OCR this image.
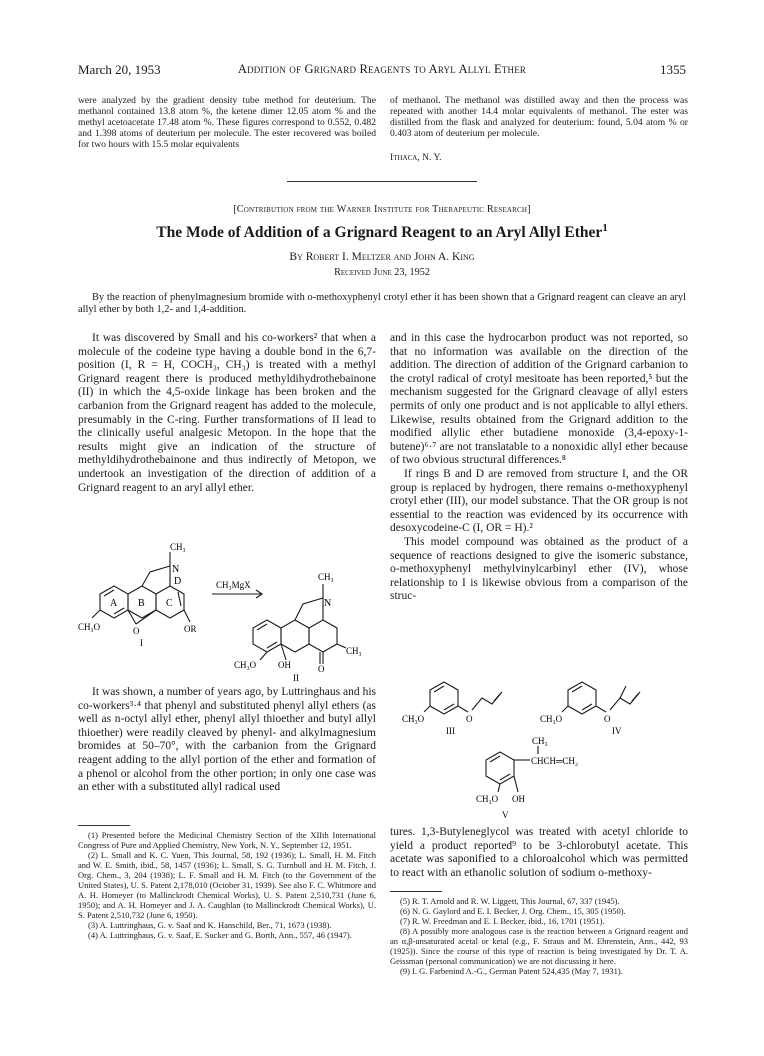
March 20, 1953	Addition of Grignard Reagents to Aryl Allyl Ether	1355
were analyzed by the gradient density tube method for deuterium. The methanol contained 13.8 atom %, the ketene dimer 12.05 atom % and the methyl acetoacetate 17.48 atom %. These figures correspond to 0.552, 0.482 and 1.398 atoms of deuterium per molecule. The ester recovered was boiled for two hours with 15.5 molar equivalents
of methanol. The methanol was distilled away and then the process was repeated with another 14.4 molar equivalents of methanol. The ester was distilled from the flask and analyzed for deuterium: found, 5.04 atom % or 0.403 atom of deuterium per molecule.
Ithaca, N. Y.
[Contribution from the Warner Institute for Therapeutic Research]
The Mode of Addition of a Grignard Reagent to an Aryl Allyl Ether$^1$
By Robert I. Meltzer and John A. King
Received June 23, 1952
By the reaction of phenylmagnesium bromide with o-methoxyphenyl crotyl ether it has been shown that a Grignard reagent can cleave an aryl allyl ether by both 1,2- and 1,4-addition.

It was discovered by Small and his co-workers² that when a molecule of the codeine type having a double bond in the 6,7-position (I, R = H, COCH₃, CH₃) is treated with a methyl Grignard reagent there is produced methyldihydrothebainone (II) in which the 4,5-oxide linkage has been broken and the carbanion from the Grignard reagent has added to the molecule, presumably in the C-ring. Further transformations of II lead to the clinically useful analgesic Metopon. In the hope that the results might give an indication of the structure of methyldihydrothebainone and thus indirectly of Metopon, we undertook an investigation of the direction of addition of a Grignard reagent to an aryl allyl ether.

CH₃
N
A B C
D
CH₃O	O	OR
I
CH₃MgX
CH₃
N
CH₃
CH₃O OH	O
II

It was shown, a number of years ago, by Luttringhaus and his co-workers³·⁴ that phenyl and substituted phenyl allyl ethers (as well as n-octyl allyl ether, phenyl allyl thioether and butyl allyl thioether) were readily cleaved by phenyl- and alkylmagnesium bromides at 50–70°, with the carbanion from the Grignard reagent adding to the allyl portion of the ether and formation of a phenol or alcohol from the other portion; in only one case was an ether with a substituted allyl radical used

(1) Presented before the Medicinal Chemistry Section of the XIIth International Congress of Pure and Applied Chemistry, New York, N. Y., September 12, 1951.

(2) L. Small and K. C. Yuen, This Journal, 58, 192 (1936); L. Small, H. M. Fitch and W. E. Smith, ibid., 58, 1457 (1936); L. Small, S. G. Turnbull and H. M. Fitch, J. Org. Chem., 3, 204 (1938); L. F. Small and H. M. Fitch (to the Government of the United States), U. S. Patent 2,178,010 (October 31, 1939). See also F. C. Whitmore and A. H. Homeyer (to Mallinckrodt Chemical Works), U. S. Patent 2,510,731 (June 6, 1950); and A. H. Homeyer and J. A. Caughlan (to Mallinckrodt Chemical Works), U. S. Patent 2,510,732 (June 6, 1950).

(3) A. Luttringhaus, G. v. Saaf and K. Hanschild, Ber., 71, 1673 (1938).

(4) A. Luttringhaus, G. v. Saaf, E. Sucker and G. Borth, Ann., 557, 46 (1947).

and in this case the hydrocarbon product was not reported, so that no information was available on the direction of the addition. The direction of addition of the Grignard carbanion to the crotyl radical of crotyl mesitoate has been reported,⁵ but the mechanism suggested for the Grignard cleavage of allyl esters permits of only one product and is not applicable to allyl ethers. Likewise, results obtained from the Grignard addition to the modified allylic ether butadiene monoxide (3,4-epoxy-1-butene)⁶·⁷ are not translatable to a nonoxidic allyl ether because of two obvious structural differences.⁸

If rings B and D are removed from structure I, and the OR group is replaced by hydrogen, there remains o-methoxyphenyl crotyl ether (III), our model substance. That the OR group is not essential to the reaction was evidenced by its occurrence with desoxycodeine-C (I, OR = H).²

This model compound was obtained as the product of a sequence of reactions designed to give the isomeric substance, o-methoxyphenyl methylvinylcarbinyl ether (IV), whose relationship to I is likewise obvious from a comparison of the struc-

CH₃O	O
III
CH₃O	O
IV
CH₃
CHCH═CH₂
CH₃O OH
V

tures. 1,3-Butyleneglycol was treated with acetyl chloride to yield a product reported⁹ to be 3-chlorobutyl acetate. This acetate was saponified to a chloroalcohol which was permitted to react with an ethanolic solution of sodium o-methoxy-

(5) R. T. Arnold and R. W. Liggett, This Journal, 67, 337 (1945).

(6) N. G. Gaylord and E. I. Becker, J. Org. Chem., 15, 305 (1950).

(7) R. W. Freedman and E. I. Becker, ibid., 16, 1701 (1951).

(8) A possibly more analogous case is the reaction between a Grignard reagent and an α,β-unsaturated acetal or ketal (e.g., F. Straus and M. Ehrenstein, Ann., 442, 93 (1925)). Since the course of this type of reaction is being investigated by Dr. T. A. Geissman (personal communication) we are not discussing it here.

(9) I. G. Farbenind A.-G., German Patent 524,435 (May 7, 1931).
